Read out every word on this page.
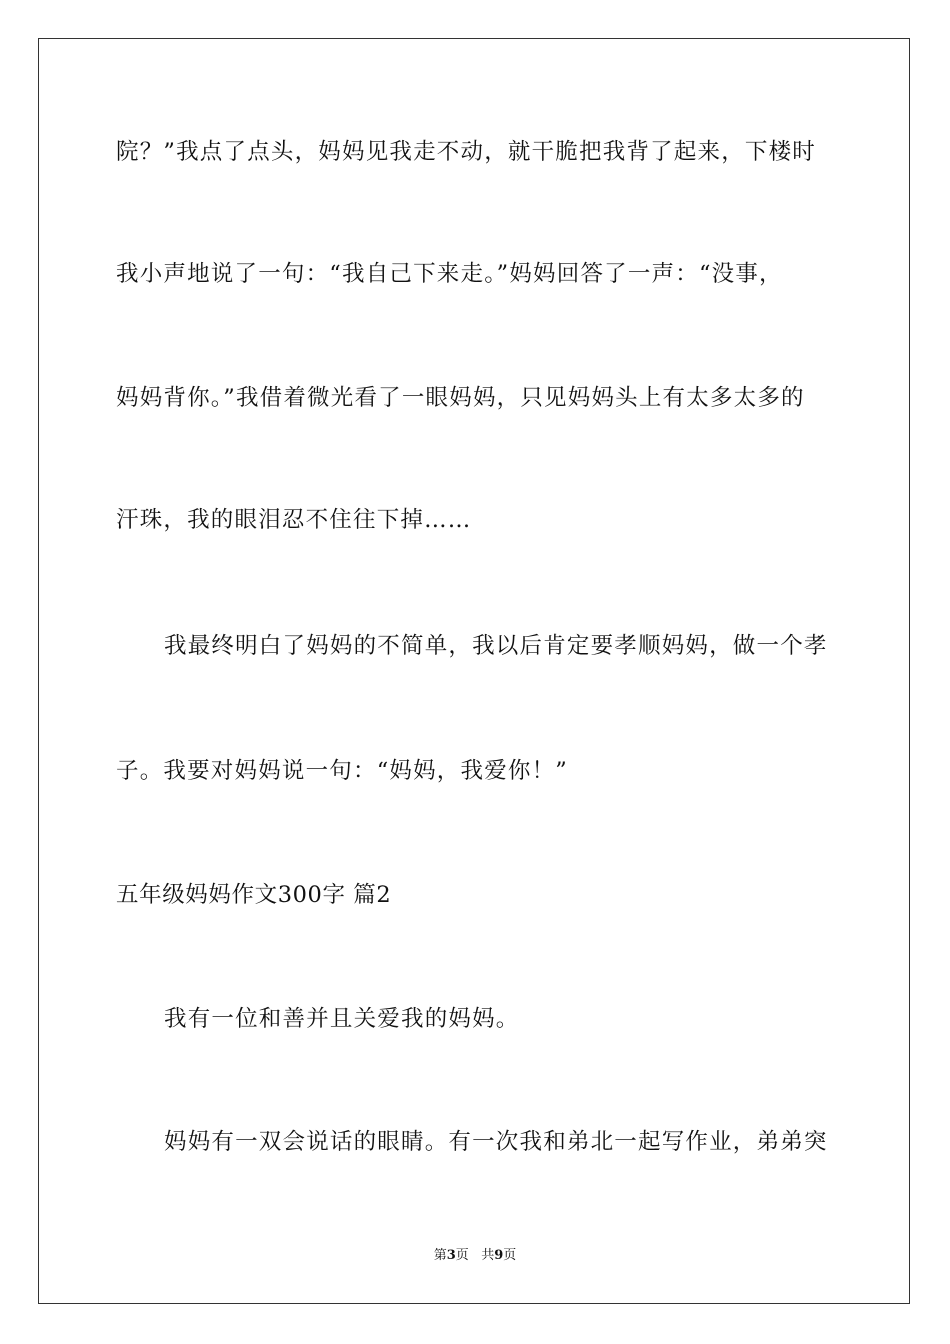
院？”我点了点头，妈妈见我走不动，就干脆把我背了起来，下楼时
我小声地说了一句：“我自己下来走。”妈妈回答了一声：“没事，
妈妈背你。”我借着微光看了一眼妈妈，只见妈妈头上有太多太多的
汗珠，我的眼泪忍不住往下掉……
我最终明白了妈妈的不简单，我以后肯定要孝顺妈妈，做一个孝
子。我要对妈妈说一句：“妈妈，我爱你！”
五年级妈妈作文300字 篇2
我有一位和善并且关爱我的妈妈。
妈妈有一双会说话的眼睛。有一次我和弟北一起写作业，弟弟突
第3页   共9页
